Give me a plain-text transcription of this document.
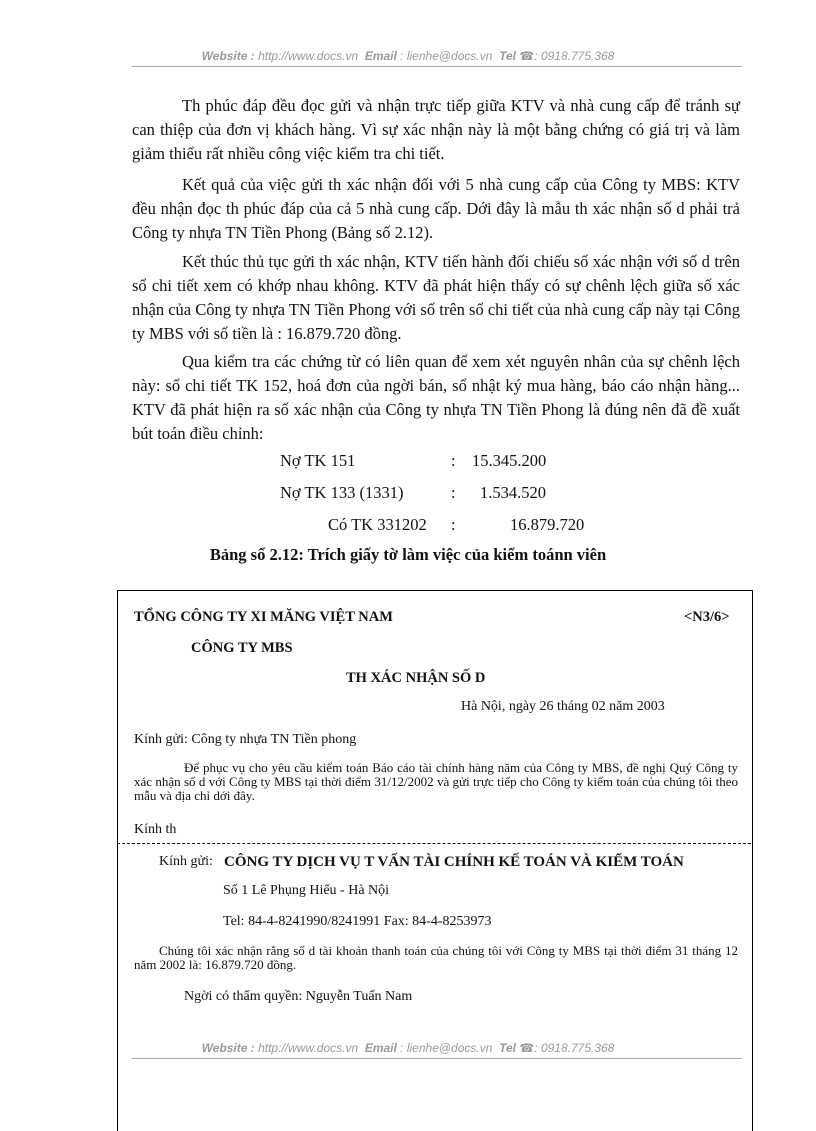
Website : http://www.docs.vn Email : lienhe@docs.vn Tel ☎: 0918.775.368

Th phúc đáp đều đọc gửi và nhận trực tiếp giữa KTV và nhà cung cấp để tránh sự can thiệp của đơn vị khách hàng. Vì sự xác nhận này là một bằng chứng có giá trị và làm giảm thiểu rất nhiều công việc kiểm tra chi tiết.

Kết quả của việc gửi th xác nhận đối với 5 nhà cung cấp của Công ty MBS: KTV đều nhận đọc th phúc đáp của cả 5 nhà cung cấp. Dới đây là mẫu th xác nhận số d phải trả Công ty nhựa TN Tiền Phong (Bảng số 2.12).

Kết thúc thủ tục gửi th xác nhận, KTV tiến hành đối chiếu số xác nhận với số d trên sổ chi tiết xem có khớp nhau không. KTV đã phát hiện thấy có sự chênh lệch giữa số xác nhận của Công ty nhựa TN Tiền Phong với số trên sổ chi tiết của nhà cung cấp này tại Công ty MBS với số tiền là : 16.879.720 đồng.

Qua kiểm tra các chứng từ có liên quan để xem xét nguyên nhân của sự chênh lệch này: sổ chi tiết TK 152, hoá đơn của ngời bán, sổ nhật ký mua hàng, báo cáo nhận hàng... KTV đã phát hiện ra số xác nhận của Công ty nhựa TN Tiền Phong là đúng nên đã đề xuất bút toán điều chỉnh:

Nợ TK 151	: 15.345.200
Nợ TK 133 (1331)	: 1.534.520
Có TK 331202 :	16.879.720
Bảng số 2.12: Trích giấy tờ làm việc của kiểm toánn viên
TỔNG CÔNG TY XI MĂNG VIỆT NAM	<N3/6>
CÔNG TY MBS
TH XÁC NHẬN SỐ D
Hà Nội, ngày 26 tháng 02 năm 2003
Kính gửi: Công ty nhựa TN Tiền phong

Để phục vụ cho yêu cầu kiểm toán Báo cáo tài chính hàng năm của Công ty MBS, đề nghị Quý Công ty xác nhận số d với Công ty MBS tại thời điểm 31/12/2002 và gửi trực tiếp cho Công ty kiểm toán của chúng tôi theo mẫu và địa chỉ dới đây.

Kính th
Kính gửi: CÔNG TY DỊCH VỤ T VẤN TÀI CHÍNH KẾ TOÁN VÀ KIỂM TOÁN
Số 1 Lê Phụng Hiểu - Hà Nội
Tel: 84-4-8241990/8241991 Fax: 84-4-8253973

Chúng tôi xác nhận rằng số d tài khoản thanh toán của chúng tôi với Công ty MBS tại thời điểm 31 tháng 12 năm 2002 là: 16.879.720 đồng.

Ngời có thẩm quyền: Nguyễn Tuấn Nam
Website : http://www.docs.vn Email : lienhe@docs.vn Tel ☎: 0918.775.368
